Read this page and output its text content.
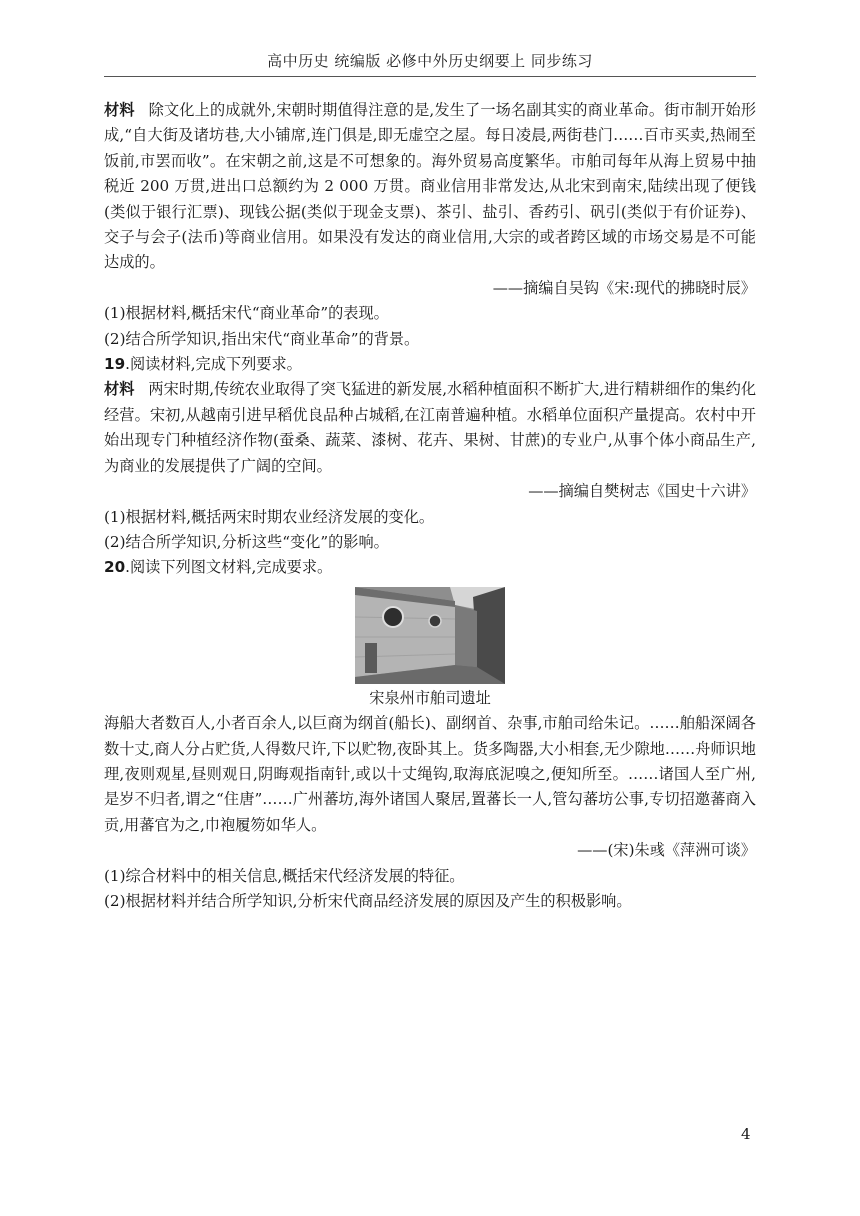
高中历史 统编版 必修中外历史纲要上 同步练习

材料 除文化上的成就外,宋朝时期值得注意的是,发生了一场名副其实的商业革命。街市制开始形成,“自大街及诸坊巷,大小铺席,连门俱是,即无虚空之屋。每日凌晨,两街巷门……百市买卖,热闹至饭前,市罢而收”。在宋朝之前,这是不可想象的。海外贸易高度繁华。市舶司每年从海上贸易中抽税近 200 万贯,进出口总额约为 2 000 万贯。商业信用非常发达,从北宋到南宋,陆续出现了便钱(类似于银行汇票)、现钱公据(类似于现金支票)、茶引、盐引、香药引、矾引(类似于有价证券)、交子与会子(法币)等商业信用。如果没有发达的商业信用,大宗的或者跨区域的市场交易是不可能达成的。

——摘编自吴钩《宋:现代的拂晓时辰》

(1)根据材料,概括宋代“商业革命”的表现。

(2)结合所学知识,指出宋代“商业革命”的背景。

19.阅读材料,完成下列要求。

材料 两宋时期,传统农业取得了突飞猛进的新发展,水稻种植面积不断扩大,进行精耕细作的集约化经营。宋初,从越南引进早稻优良品种占城稻,在江南普遍种植。水稻单位面积产量提高。农村中开始出现专门种植经济作物(蚕桑、蔬菜、漆树、花卉、果树、甘蔗)的专业户,从事个体小商品生产,为商业的发展提供了广阔的空间。

——摘编自樊树志《国史十六讲》

(1)根据材料,概括两宋时期农业经济发展的变化。

(2)结合所学知识,分析这些“变化”的影响。

20.阅读下列图文材料,完成要求。

宋泉州市舶司遗址

海船大者数百人,小者百余人,以巨商为纲首(船长)、副纲首、杂事,市舶司给朱记。……舶船深阔各数十丈,商人分占贮货,人得数尺许,下以贮物,夜卧其上。货多陶器,大小相套,无少隙地……舟师识地理,夜则观星,昼则观日,阴晦观指南针,或以十丈绳钩,取海底泥嗅之,便知所至。……诸国人至广州,是岁不归者,谓之“住唐”……广州蕃坊,海外诸国人聚居,置蕃长一人,管勾蕃坊公事,专切招邀蕃商入贡,用蕃官为之,巾袍履笏如华人。

——(宋)朱彧《萍洲可谈》

(1)综合材料中的相关信息,概括宋代经济发展的特征。

(2)根据材料并结合所学知识,分析宋代商品经济发展的原因及产生的积极影响。

4
